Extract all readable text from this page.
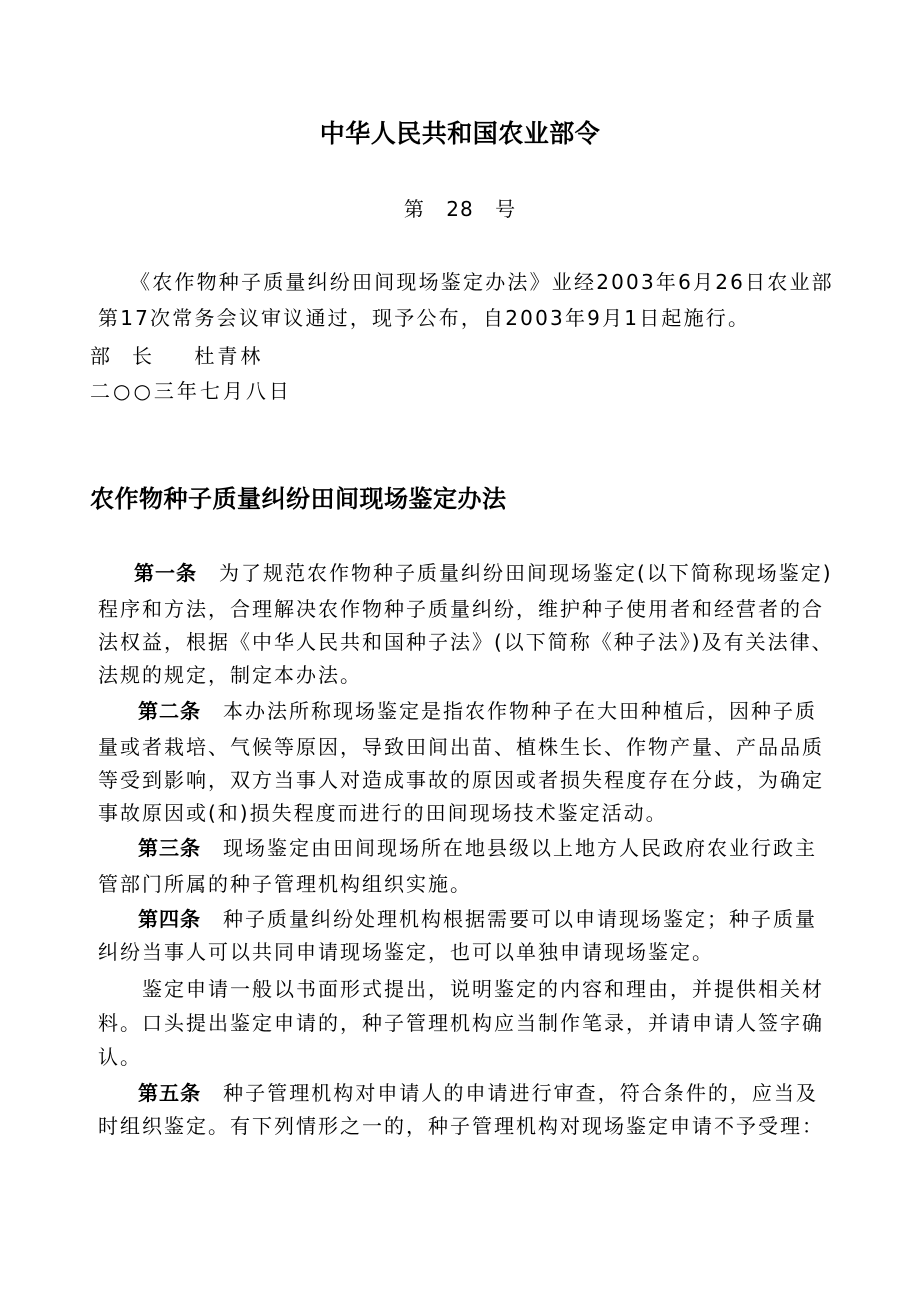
中华人民共和国农业部令
第 28 号
《农作物种子质量纠纷田间现场鉴定办法》业经2003年6月26日农业部
第17次常务会议审议通过，现予公布，自2003年9月1日起施行。
部长 杜青林
二○○三年七月八日
农作物种子质量纠纷田间现场鉴定办法
第一条 为了规范农作物种子质量纠纷田间现场鉴定(以下简称现场鉴定)
程序和方法，合理解决农作物种子质量纠纷，维护种子使用者和经营者的合
法权益，根据《中华人民共和国种子法》(以下简称《种子法》)及有关法律、
法规的规定，制定本办法。
第二条 本办法所称现场鉴定是指农作物种子在大田种植后，因种子质
量或者栽培、气候等原因，导致田间出苗、植株生长、作物产量、产品品质
等受到影响，双方当事人对造成事故的原因或者损失程度存在分歧，为确定
事故原因或(和)损失程度而进行的田间现场技术鉴定活动。
第三条 现场鉴定由田间现场所在地县级以上地方人民政府农业行政主
管部门所属的种子管理机构组织实施。
第四条 种子质量纠纷处理机构根据需要可以申请现场鉴定；种子质量
纠纷当事人可以共同申请现场鉴定，也可以单独申请现场鉴定。
鉴定申请一般以书面形式提出，说明鉴定的内容和理由，并提供相关材
料。口头提出鉴定申请的，种子管理机构应当制作笔录，并请申请人签字确
认。
第五条 种子管理机构对申请人的申请进行审查，符合条件的，应当及
时组织鉴定。有下列情形之一的，种子管理机构对现场鉴定申请不予受理：
